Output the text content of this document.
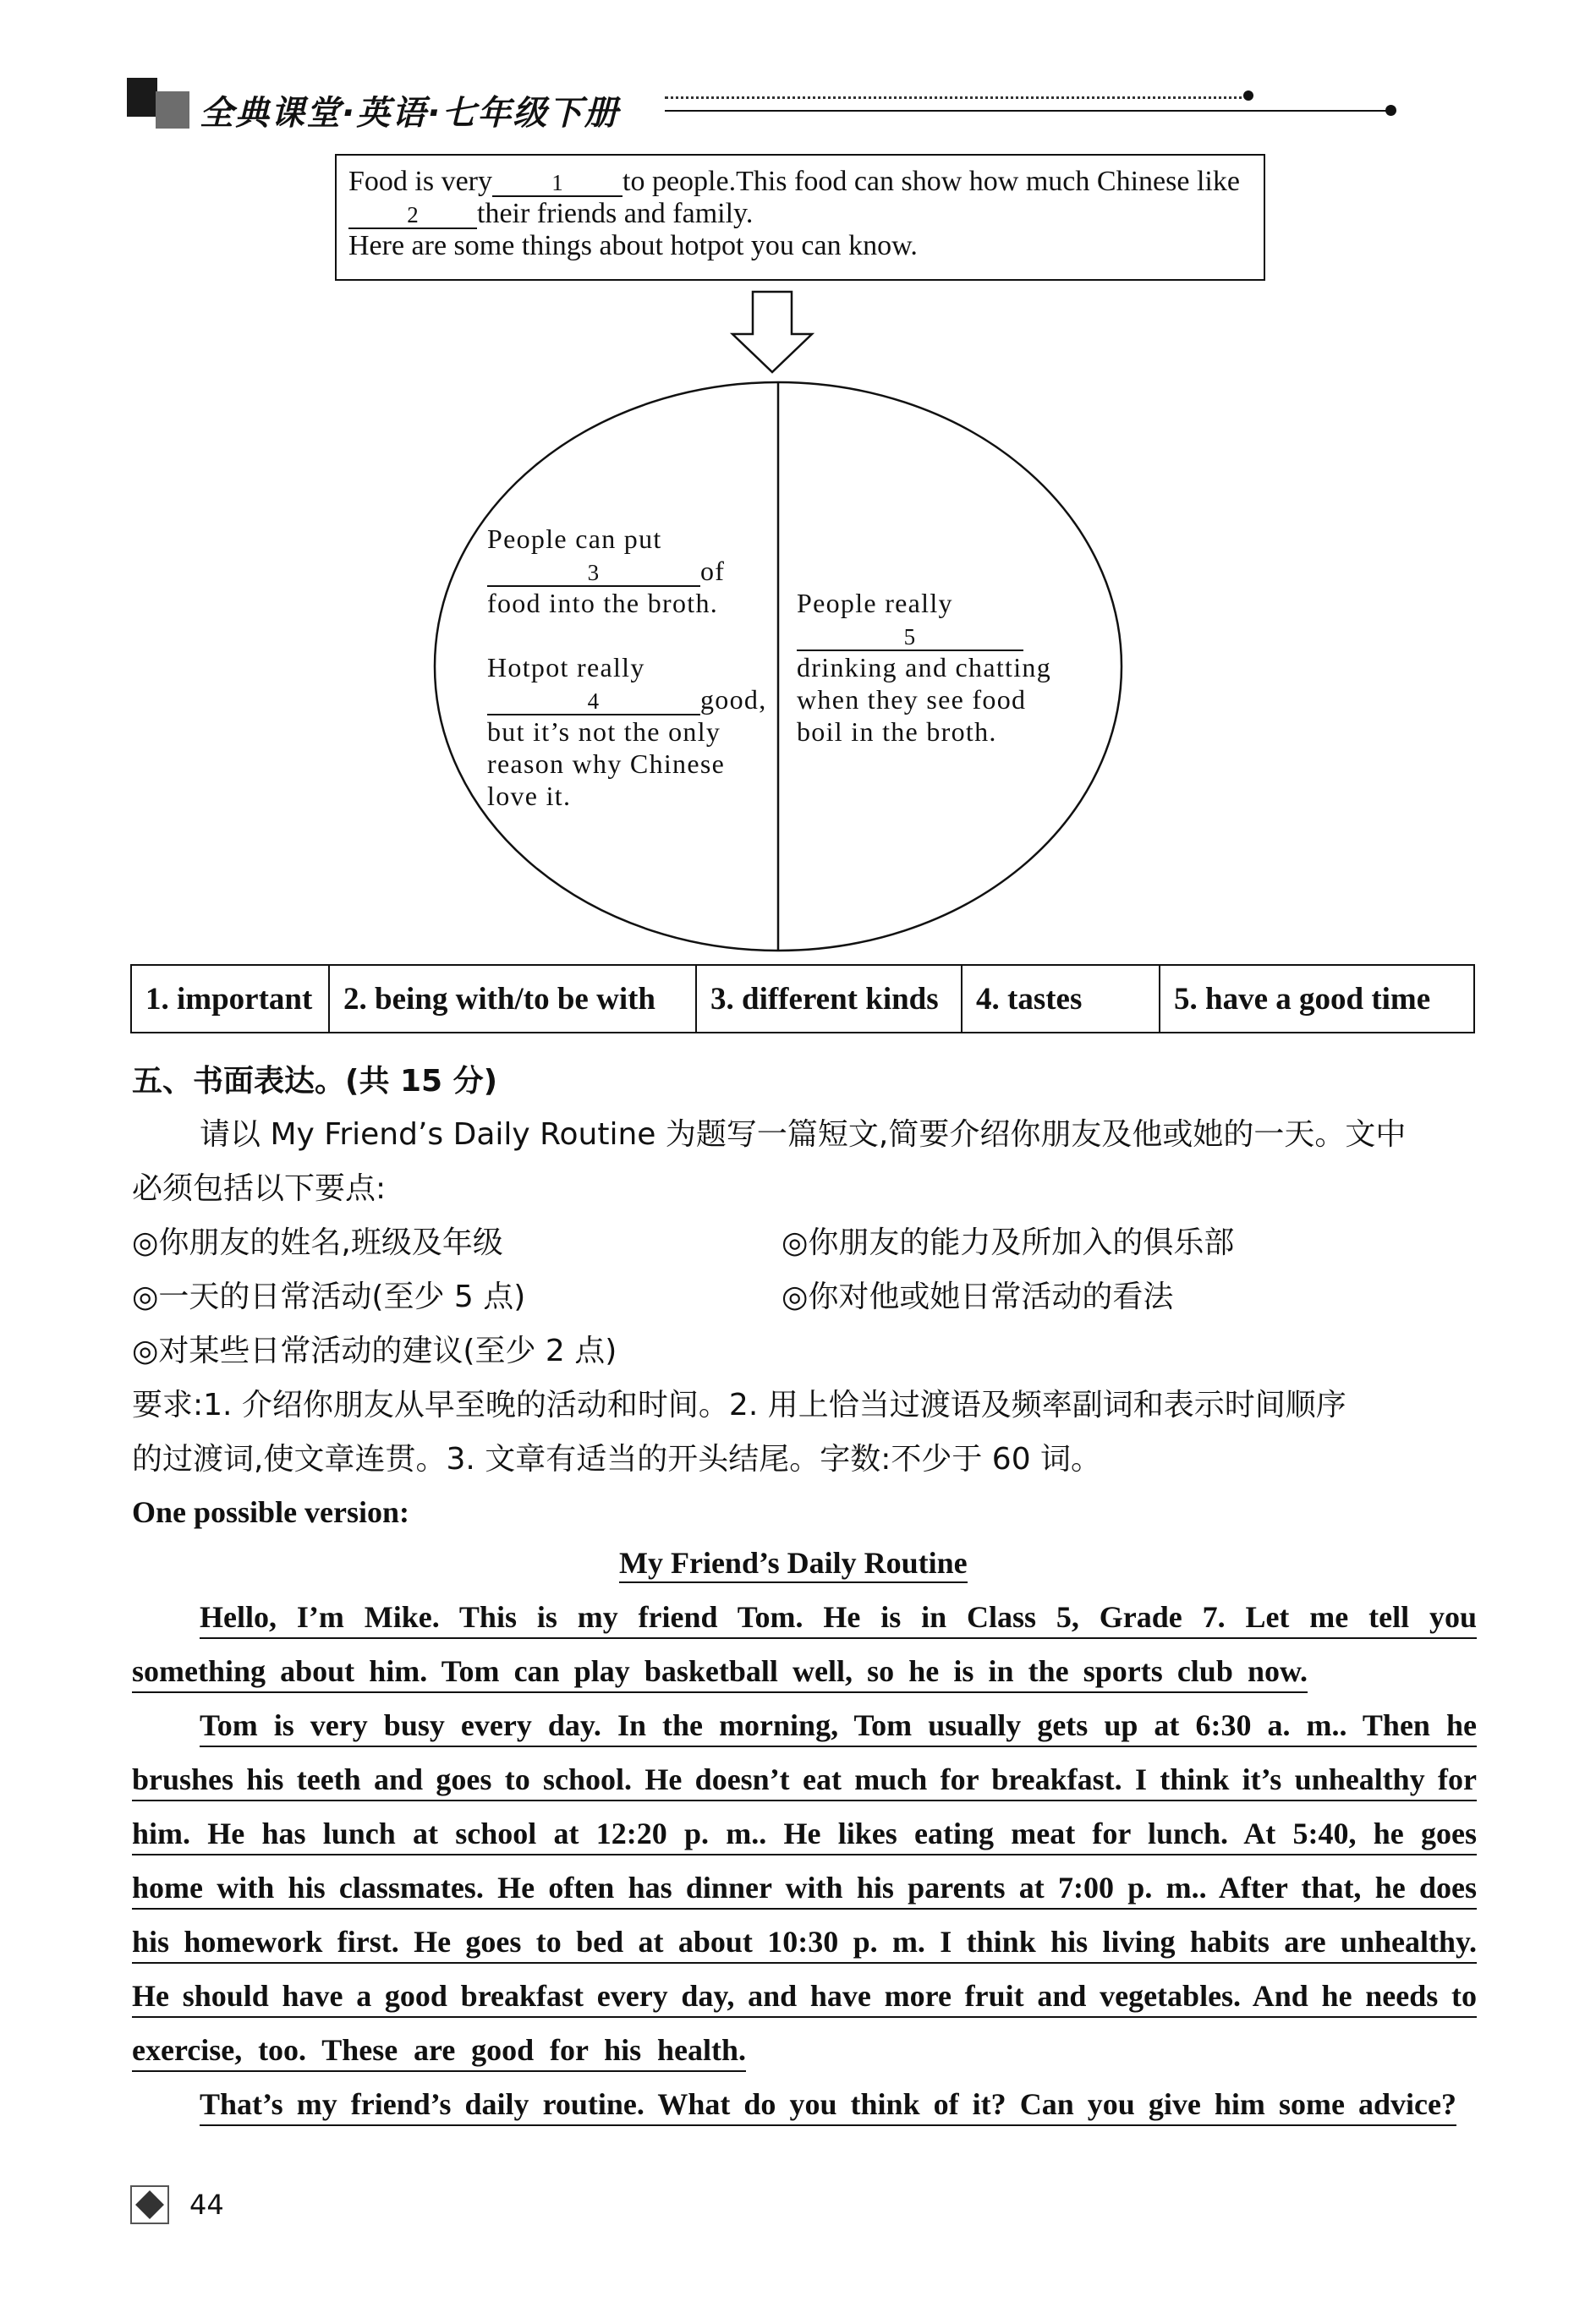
全典课堂·英语·七年级下册
Food is very	1 to people.This food can show how much Chinese like
2 their friends and family.
Here are some things about hotpot you can know.
People can put
3	of
food into the broth.
Hotpot really
4	good,
but it’s not the only
reason why Chinese
love it.
People really
5
drinking and chatting
when they see food
boil in the broth.
1. important	2. being with/to be with	3. different kinds	4. tastes	5. have a good time
五、书面表达。(共 15 分)
请以 My Friend’s Daily Routine 为题写一篇短文,简要介绍你朋友及他或她的一天。文中
必须包括以下要点:
◎你朋友的姓名,班级及年级	◎你朋友的能力及所加入的俱乐部
◎一天的日常活动(至少 5 点)	◎你对他或她日常活动的看法
◎对某些日常活动的建议(至少 2 点)
要求:1. 介绍你朋友从早至晚的活动和时间。2. 用上恰当过渡语及频率副词和表示时间顺序
的过渡词,使文章连贯。3. 文章有适当的开头结尾。字数:不少于 60 词。
One possible version:
My Friend’s Daily Routine
Hello, I’m Mike. This is my friend Tom. He is in Class 5, Grade 7. Let me tell you
something about him. Tom can play basketball well, so he is in the sports club now.
Tom is very busy every day. In the morning, Tom usually gets up at 6:30 a. m.. Then he
brushes his teeth and goes to school. He doesn’t eat much for breakfast. I think it’s unhealthy for
him. He has lunch at school at 12:20 p. m.. He likes eating meat for lunch. At 5:40, he goes
home with his classmates. He often has dinner with his parents at 7:00 p. m.. After that, he does
his homework first. He goes to bed at about 10:30 p. m. I think his living habits are unhealthy.
He should have a good breakfast every day, and have more fruit and vegetables. And he needs to
exercise, too. These are good for his health.
That’s my friend’s daily routine. What do you think of it? Can you give him some advice?
44
